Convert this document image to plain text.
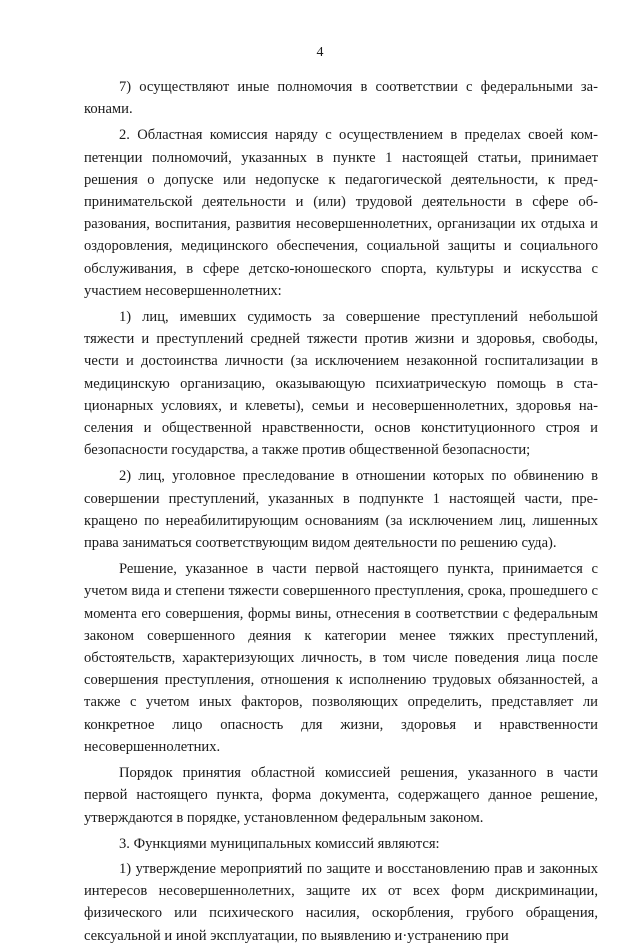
4

7) осуществляют иные полномочия в соответствии с федеральными законами.

2. Областная комиссия наряду с осуществлением в пределах своей компетенции полномочий, указанных в пункте 1 настоящей статьи, принимает решения о допуске или недопуске к педагогической деятельности, к предпринимательской деятельности и (или) трудовой деятельности в сфере образования, воспитания, развития несовершеннолетних, организации их отдыха и оздоровления, медицинского обеспечения, социальной защиты и социального обслуживания, в сфере детско-юношеского спорта, культуры и искусства с участием несовершеннолетних:

1) лиц, имевших судимость за совершение преступлений небольшой тяжести и преступлений средней тяжести против жизни и здоровья, свободы, чести и достоинства личности (за исключением незаконной госпитализации в медицинскую организацию, оказывающую психиатрическую помощь в стационарных условиях, и клеветы), семьи и несовершеннолетних, здоровья населения и общественной нравственности, основ конституционного строя и безопасности государства, а также против общественной безопасности;

2) лиц, уголовное преследование в отношении которых по обвинению в совершении преступлений, указанных в подпункте 1 настоящей части, прекращено по нереабилитирующим основаниям (за исключением лиц, лишенных права заниматься соответствующим видом деятельности по решению суда).

Решение, указанное в части первой настоящего пункта, принимается с учетом вида и степени тяжести совершенного преступления, срока, прошедшего с момента его совершения, формы вины, отнесения в соответствии с федеральным законом совершенного деяния к категории менее тяжких преступлений, обстоятельств, характеризующих личность, в том числе поведения лица после совершения преступления, отношения к исполнению трудовых обязанностей, а также с учетом иных факторов, позволяющих определить, представляет ли конкретное лицо опасность для жизни, здоровья и нравственности несовершеннолетних.

Порядок принятия областной комиссией решения, указанного в части первой настоящего пункта, форма документа, содержащего данное решение, утверждаются в порядке, установленном федеральным законом.

3. Функциями муниципальных комиссий являются:

1) утверждение мероприятий по защите и восстановлению прав и законных интересов несовершеннолетних, защите их от всех форм дискриминации, физического или психического насилия, оскорбления, грубого обращения, сексуальной и иной эксплуатации, по выявлению и·устранению при
